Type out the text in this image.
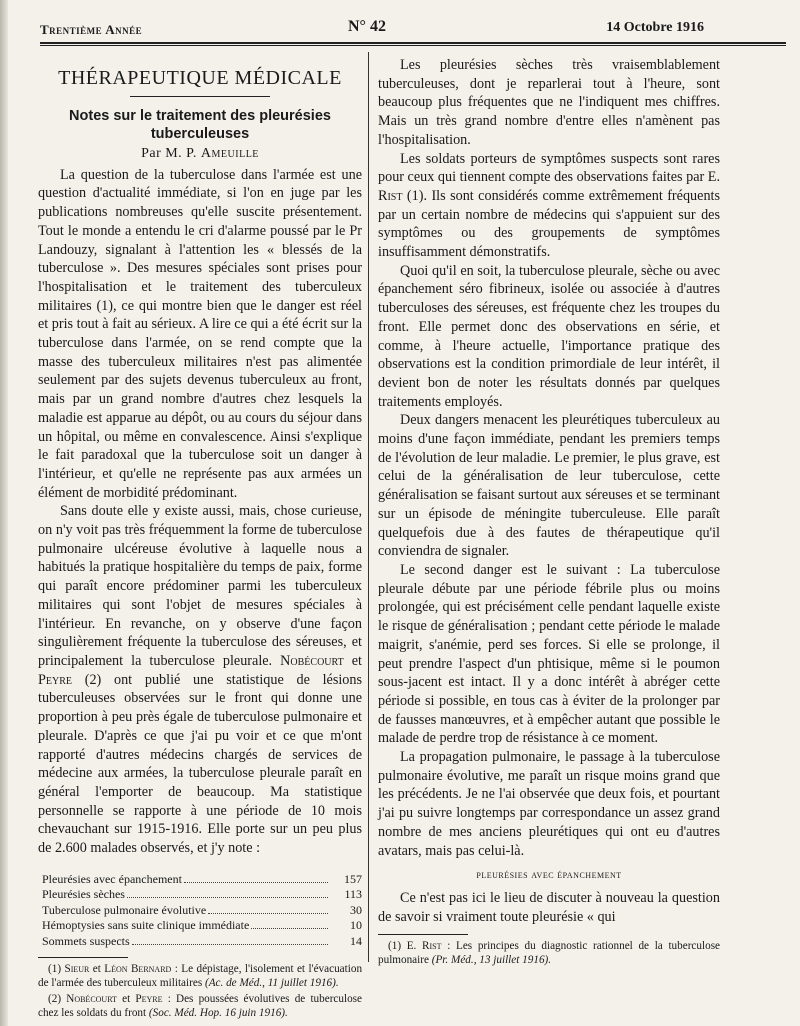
Trentième Année	N° 42	14 Octobre 1916
THÉRAPEUTIQUE MÉDICALE
Notes sur le traitement des pleurésies tuberculeuses
Par M. P. Ameuille

La question de la tuberculose dans l'armée est une question d'actualité immédiate, si l'on en juge par les publications nombreuses qu'elle suscite présentement. Tout le monde a entendu le cri d'alarme poussé par le Pr Landouzy, signalant à l'attention les « blessés de la tuberculose ». Des mesures spéciales sont prises pour l'hospitalisation et le traitement des tuberculeux militaires (1), ce qui montre bien que le danger est réel et pris tout à fait au sérieux. A lire ce qui a été écrit sur la tuberculose dans l'armée, on se rend compte que la masse des tuberculeux militaires n'est pas alimentée seulement par des sujets devenus tuberculeux au front, mais par un grand nombre d'autres chez lesquels la maladie est apparue au dépôt, ou au cours du séjour dans un hôpital, ou même en convalescence. Ainsi s'explique le fait paradoxal que la tuberculose soit un danger à l'intérieur, et qu'elle ne représente pas aux armées un élément de morbidité prédominant.

Sans doute elle y existe aussi, mais, chose curieuse, on n'y voit pas très fréquemment la forme de tuberculose pulmonaire ulcéreuse évolutive à laquelle nous a habitués la pratique hospitalière du temps de paix, forme qui paraît encore prédominer parmi les tuberculeux militaires qui sont l'objet de mesures spéciales à l'intérieur. En revanche, on y observe d'une façon singulièrement fréquente la tuberculose des séreuses, et principalement la tuberculose pleurale. Nobécourt et Peyre (2) ont publié une statistique de lésions tuberculeuses observées sur le front qui donne une proportion à peu près égale de tuberculose pulmonaire et pleurale. D'après ce que j'ai pu voir et ce que m'ont rapporté d'autres médecins chargés de services de médecine aux armées, la tuberculose pleurale paraît en général l'emporter de beaucoup. Ma statistique personnelle se rapporte à une période de 10 mois chevauchant sur 1915-1916. Elle porte sur un peu plus de 2.600 malades observés, et j'y note :

Pleurésies avec épanchement	157
Pleurésies sèches	113
Tuberculose pulmonaire évolutive	30
Hémoptysies sans suite clinique immédiate	10
Sommets suspects	14
(1) Sieur et Léon Bernard : Le dépistage, l'isolement et l'évacuation de l'armée des tuberculeux militaires (Ac. de Méd., 11 juillet 1916).
(2) Nobécourt et Peyre : Des poussées évolutives de tuberculose chez les soldats du front (Soc. Méd. Hop. 16 juin 1916).

Les pleurésies sèches très vraisemblablement tuberculeuses, dont je reparlerai tout à l'heure, sont beaucoup plus fréquentes que ne l'indiquent mes chiffres. Mais un très grand nombre d'entre elles n'amènent pas l'hospitalisation.

Les soldats porteurs de symptômes suspects sont rares pour ceux qui tiennent compte des observations faites par E. Rist (1). Ils sont considérés comme extrêmement fréquents par un certain nombre de médecins qui s'appuient sur des symptômes ou des groupements de symptômes insuffisamment démonstratifs.

Quoi qu'il en soit, la tuberculose pleurale, sèche ou avec épanchement séro fibrineux, isolée ou associée à d'autres tuberculoses des séreuses, est fréquente chez les troupes du front. Elle permet donc des observations en série, et comme, à l'heure actuelle, l'importance pratique des observations est la condition primordiale de leur intérêt, il devient bon de noter les résultats donnés par quelques traitements employés.

Deux dangers menacent les pleurétiques tuberculeux au moins d'une façon immédiate, pendant les premiers temps de l'évolution de leur maladie. Le premier, le plus grave, est celui de la généralisation de leur tuberculose, cette généralisation se faisant surtout aux séreuses et se terminant sur un épisode de méningite tuberculeuse. Elle paraît quelquefois due à des fautes de thérapeutique qu'il conviendra de signaler.

Le second danger est le suivant : La tuberculose pleurale débute par une période fébrile plus ou moins prolongée, qui est précisément celle pendant laquelle existe le risque de généralisation ; pendant cette période le malade maigrit, s'anémie, perd ses forces. Si elle se prolonge, il peut prendre l'aspect d'un phtisique, même si le poumon sous-jacent est intact. Il y a donc intérêt à abréger cette période si possible, en tous cas à éviter de la prolonger par de fausses manœuvres, et à empêcher autant que possible le malade de perdre trop de résistance à ce moment.

La propagation pulmonaire, le passage à la tuberculose pulmonaire évolutive, me paraît un risque moins grand que les précédents. Je ne l'ai observée que deux fois, et pourtant j'ai pu suivre longtemps par correspondance un assez grand nombre de mes anciens pleurétiques qui ont eu d'autres avatars, mais pas celui-là.

pleurésies avec épanchement

Ce n'est pas ici le lieu de discuter à nouveau la question de savoir si vraiment toute pleurésie « qui

(1) E. Rist : Les principes du diagnostic rationnel de la tuberculose pulmonaire (Pr. Méd., 13 juillet 1916).
